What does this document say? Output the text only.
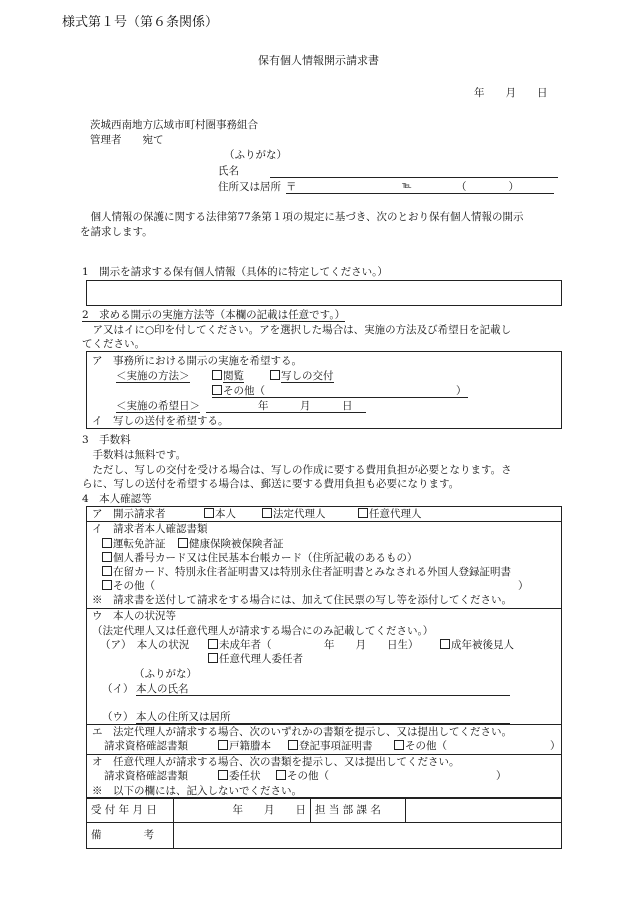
様式第１号（第６条関係）
保有個人情報開示請求書
年　　月　　日
茨城西南地方広域市町村圏事務組合
管理者　　宛て
（ふりがな）
氏名
住所又は居所 〒	℡	（　　　　）
　個人情報の保護に関する法律第77条第１項の規定に基づき、次のとおり保有個人情報の開示
を請求します。
1　開示を請求する保有個人情報（具体的に特定してください。）
2　求める開示の実施方法等（本欄の記載は任意です。）
　ア又はイに○印を付してください。アを選択した場合は、実施の方法及び希望日を記載し
てください。
ア　事務所における開示の実施を希望する。
＜実施の方法＞	閲覧	写しの交付
その他（	）
＜実施の希望日＞	年　　　月　　　日
イ　写しの送付を希望する。
3　手数料
　手数料は無料です。
　ただし、写しの交付を受ける場合は、写しの作成に要する費用負担が必要となります。さ
らに、写しの送付を希望する場合は、郵送に要する費用負担も必要になります。
4　本人確認等
ア　開示請求者	本人	法定代理人	任意代理人
イ　請求者本人確認書類
運転免許証	健康保険被保険者証
個人番号カード又は住民基本台帳カード（住所記載のあるもの）
在留カード、特別永住者証明書又は特別永住者証明書とみなされる外国人登録証明書
その他（	）
※　請求書を送付して請求をする場合には、加えて住民票の写し等を添付してください。
ウ　本人の状況等
（法定代理人又は任意代理人が請求する場合にのみ記載してください。）
（ア）　本人の状況	未成年者（	年　　月　　日生）	成年被後見人
任意代理人委任者
（ふりがな）
（イ） 本人の氏名
（ウ） 本人の住所又は居所
エ　法定代理人が請求する場合、次のいずれかの書類を提示し、又は提出してください。
請求資格確認書類	戸籍謄本	登記事項証明書	その他（	）
オ　任意代理人が請求する場合、次の書類を提示し、又は提出してください。
請求資格確認書類	委任状	その他（	）
※　以下の欄には、記入しないでください。
受 付 年 月 日	年　　月　　日	担 当 部 課 名	
備　　　　考			
